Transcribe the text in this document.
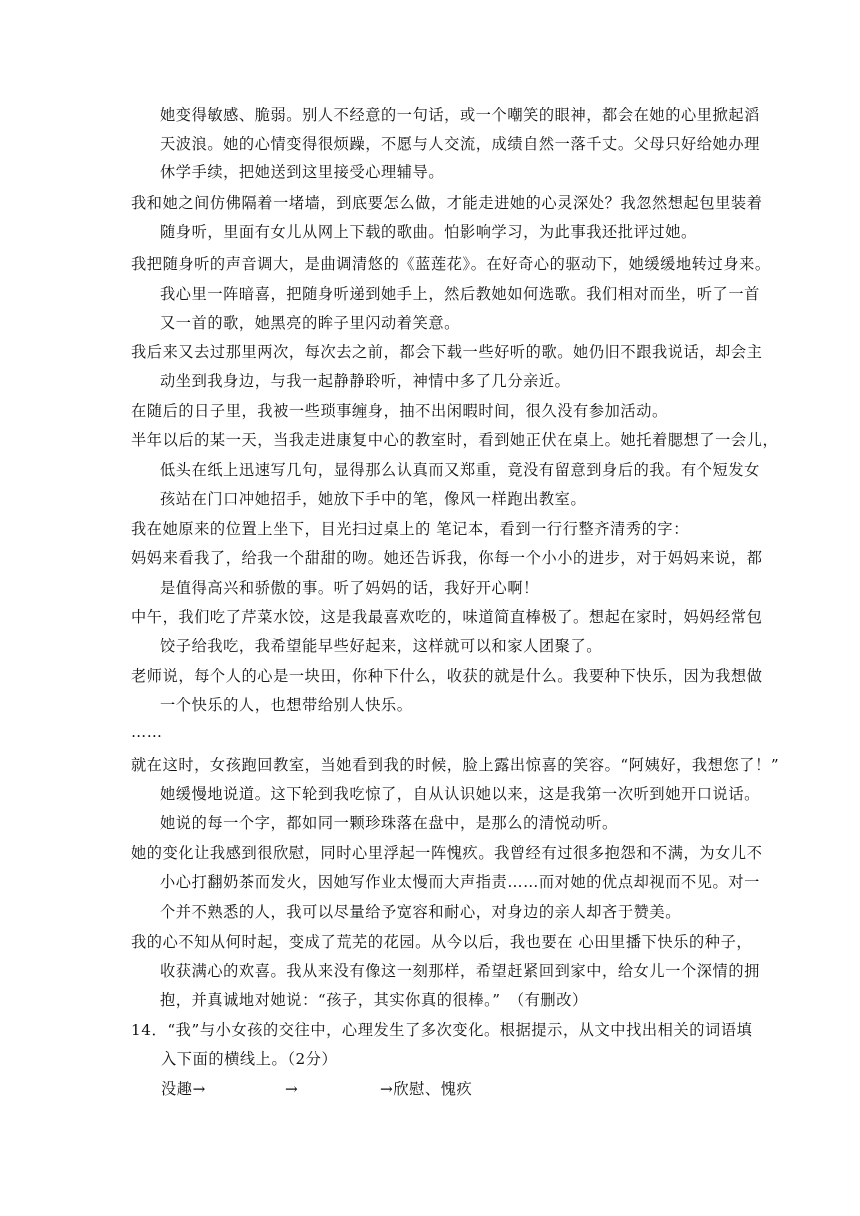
她变得敏感、脆弱。别人不经意的一句话，或一个嘲笑的眼神，都会在她的心里掀起滔
天波浪。她的心情变得很烦躁，不愿与人交流，成绩自然一落千丈。父母只好给她办理
休学手续，把她送到这里接受心理辅导。
我和她之间仿佛隔着一堵墙，到底要怎么做，才能走进她的心灵深处？我忽然想起包里装着
随身听，里面有女儿从网上下载的歌曲。怕影响学习，为此事我还批评过她。
我把随身听的声音调大，是曲调清悠的《蓝莲花》。在好奇心的驱动下，她缓缓地转过身来。
我心里一阵暗喜，把随身听递到她手上，然后教她如何选歌。我们相对而坐，听了一首
又一首的歌，她黑亮的眸子里闪动着笑意。
我后来又去过那里两次，每次去之前，都会下载一些好听的歌。她仍旧不跟我说话，却会主
动坐到我身边，与我一起静静聆听，神情中多了几分亲近。
在随后的日子里，我被一些琐事缠身，抽不出闲暇时间，很久没有参加活动。
半年以后的某一天，当我走进康复中心的教室时，看到她正伏在桌上。她托着腮想了一会儿，
低头在纸上迅速写几句，显得那么认真而又郑重，竟没有留意到身后的我。有个短发女
孩站在门口冲她招手，她放下手中的笔，像风一样跑出教室。
我在她原来的位置上坐下，目光扫过桌上的 笔记本，看到一行行整齐清秀的字：
妈妈来看我了，给我一个甜甜的吻。她还告诉我，你每一个小小的进步，对于妈妈来说，都
是值得高兴和骄傲的事。听了妈妈的话，我好开心啊！
中午，我们吃了芹菜水饺，这是我最喜欢吃的，味道简直棒极了。想起在家时，妈妈经常包
饺子给我吃，我希望能早些好起来，这样就可以和家人团聚了。
老师说，每个人的心是一块田，你种下什么，收获的就是什么。我要种下快乐，因为我想做
一个快乐的人，也想带给别人快乐。
……
就在这时，女孩跑回教室，当她看到我的时候，脸上露出惊喜的笑容。“阿姨好，我想您了！”
她缓慢地说道。这下轮到我吃惊了，自从认识她以来，这是我第一次听到她开口说话。
她说的每一个字，都如同一颗珍珠落在盘中，是那么的清悦动听。
她的变化让我感到很欣慰，同时心里浮起一阵愧疚。我曾经有过很多抱怨和不满，为女儿不
小心打翻奶茶而发火，因她写作业太慢而大声指责……而对她的优点却视而不见。对一
个并不熟悉的人，我可以尽量给予宽容和耐心，对身边的亲人却吝于赞美。
我的心不知从何时起，变成了荒芜的花园。从今以后，我也要在 心田里播下快乐的种子，
收获满心的欢喜。我从来没有像这一刻那样，希望赶紧回到家中，给女儿一个深情的拥
抱，并真诚地对她说：“孩子，其实你真的很棒。”　（有删改）
14．“我”与小女孩的交往中，心理发生了多次变化。根据提示，从文中找出相关的词语填
入下面的横线上。（2分）
没趣→	→	→欣慰、愧疚
